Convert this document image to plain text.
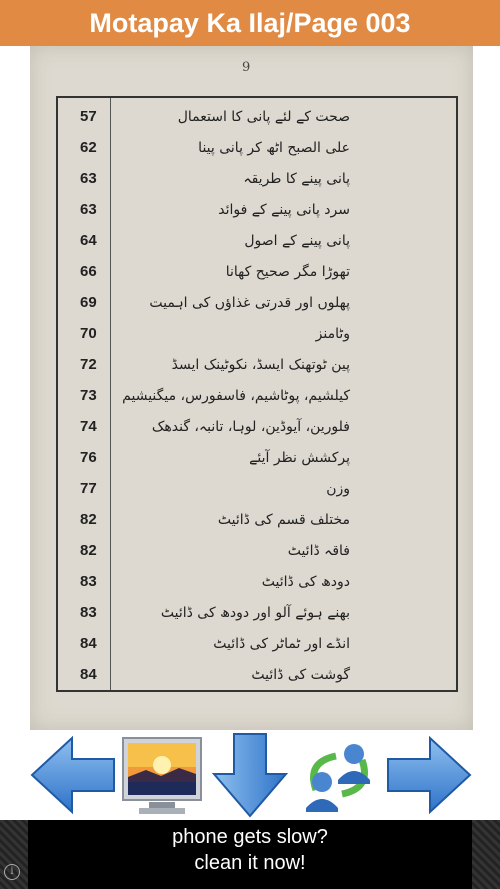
Motapay Ka Ilaj/Page 003
9
57	صحت کے لئے پانی کا استعمال
62	علی الصبح اٹھ کر پانی پینا
63	پانی پینے کا طریقہ
63	سرد پانی پینے کے فوائد
64	پانی پینے کے اصول
66	تھوڑا مگر صحیح کھانا
69	پھلوں اور قدرتی غذاؤں کی اہمیت
70	وٹامنز
72	پین ٹوتھنک ایسڈ، نکوٹینک ایسڈ
73 کیلشیم، پوٹاشیم، فاسفورس، میگنیشیم
74	فلورین، آیوڈین، لوہا، تانبہ، گندھک
76	پرکشش نظر آیئے
77	وزن
82	مختلف قسم کی ڈائیٹ
82	فاقہ ڈائیٹ
83	دودھ کی ڈائیٹ
83	بھنے ہوئے آلو اور دودھ کی ڈائیٹ
84	انڈے اور ٹماٹر کی ڈائیٹ
84	گوشت کی ڈائیٹ
phone gets slow?
clean it now!
i
